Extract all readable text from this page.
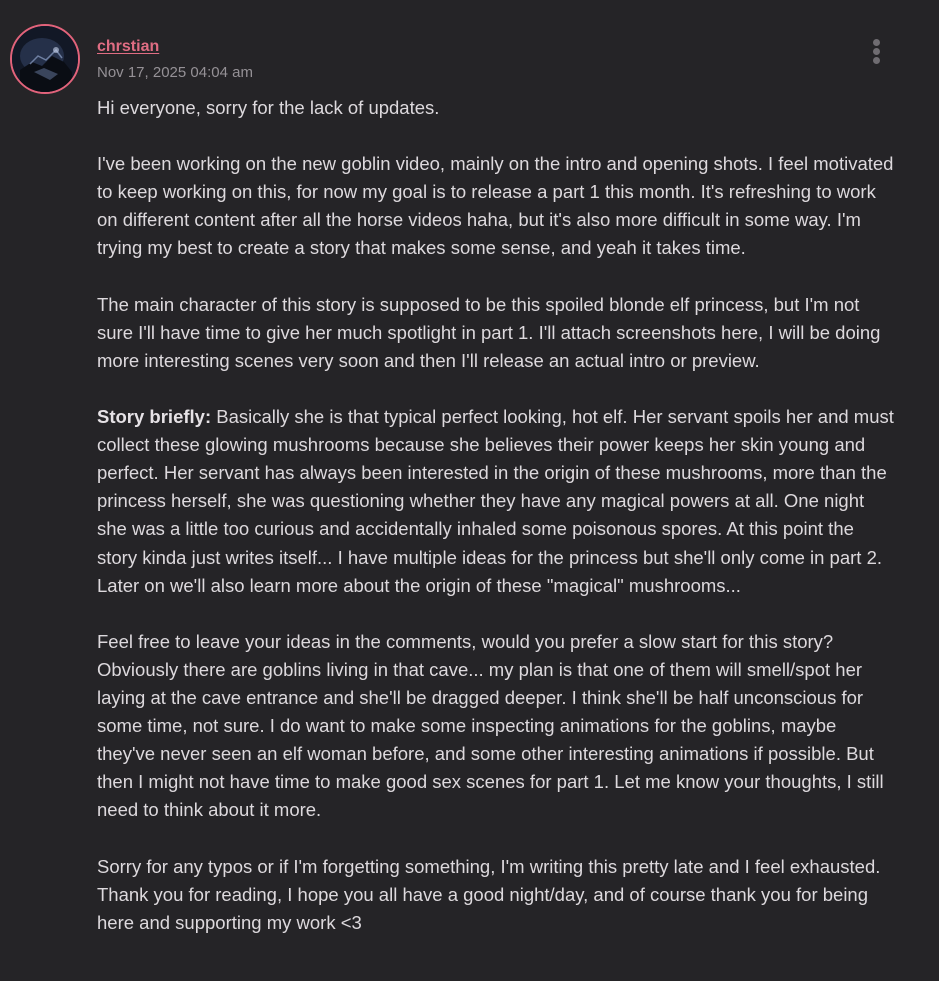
chrstian
Nov 17, 2025 04:04 am

Hi everyone, sorry for the lack of updates.

I've been working on the new goblin video, mainly on the intro and opening shots. I feel motivated to keep working on this, for now my goal is to release a part 1 this month. It's refreshing to work on different content after all the horse videos haha, but it's also more difficult in some way. I'm trying my best to create a story that makes some sense, and yeah it takes time.

The main character of this story is supposed to be this spoiled blonde elf princess, but I'm not sure I'll have time to give her much spotlight in part 1. I'll attach screenshots here, I will be doing more interesting scenes very soon and then I'll release an actual intro or preview.

Story briefly: Basically she is that typical perfect looking, hot elf. Her servant spoils her and must collect these glowing mushrooms because she believes their power keeps her skin young and perfect. Her servant has always been interested in the origin of these mushrooms, more than the princess herself, she was questioning whether they have any magical powers at all. One night she was a little too curious and accidentally inhaled some poisonous spores. At this point the story kinda just writes itself... I have multiple ideas for the princess but she'll only come in part 2. Later on we'll also learn more about the origin of these "magical" mushrooms...

Feel free to leave your ideas in the comments, would you prefer a slow start for this story? Obviously there are goblins living in that cave... my plan is that one of them will smell/spot her laying at the cave entrance and she'll be dragged deeper. I think she'll be half unconscious for some time, not sure. I do want to make some inspecting animations for the goblins, maybe they've never seen an elf woman before, and some other interesting animations if possible. But then I might not have time to make good sex scenes for part 1. Let me know your thoughts, I still need to think about it more.

Sorry for any typos or if I'm forgetting something, I'm writing this pretty late and I feel exhausted. Thank you for reading, I hope you all have a good night/day, and of course thank you for being here and supporting my work <3
